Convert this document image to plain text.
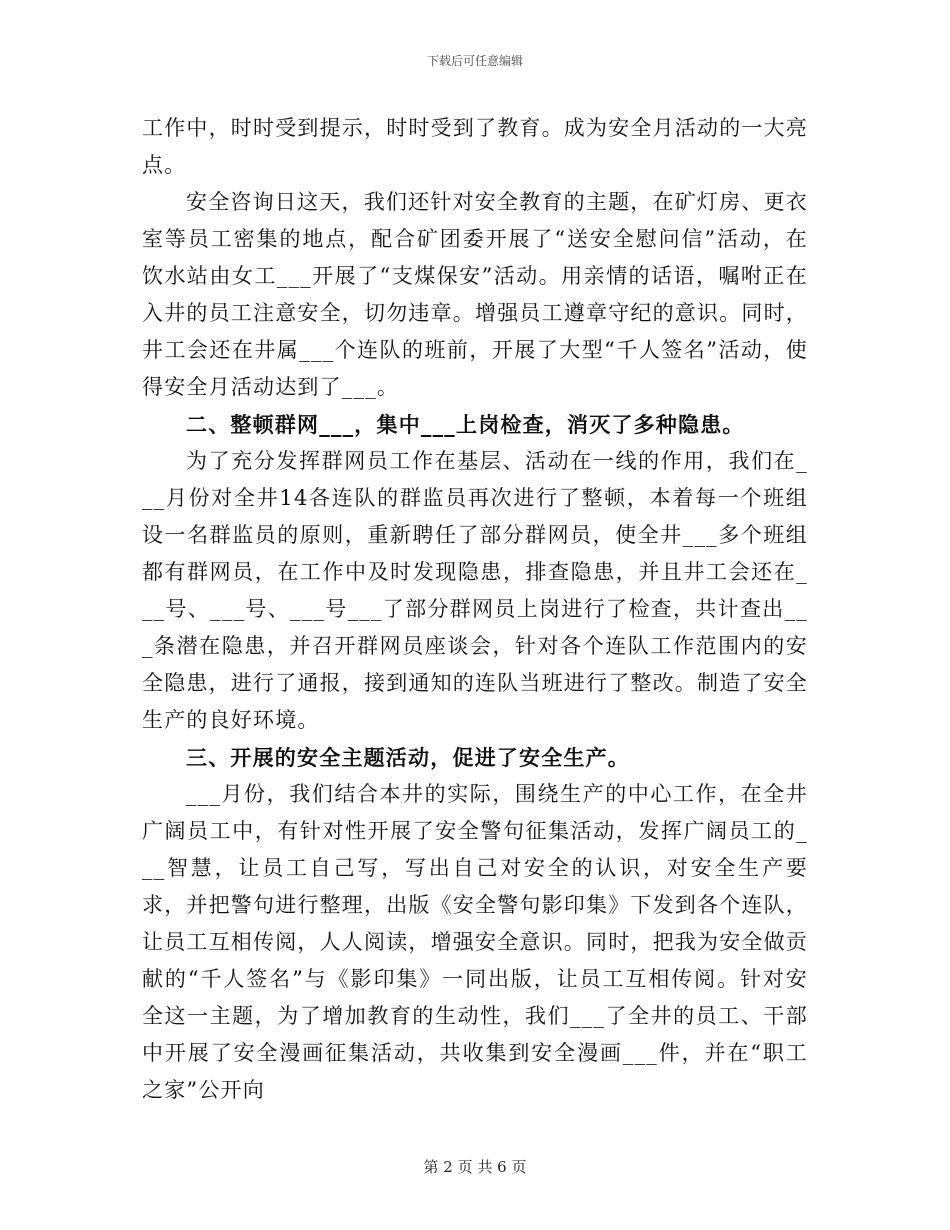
下载后可任意编辑

工作中，时时受到提示，时时受到了教育。成为安全月活动的一大亮点。

安全咨询日这天，我们还针对安全教育的主题，在矿灯房、更衣室等员工密集的地点，配合矿团委开展了“送安全慰问信”活动，在饮水站由女工___开展了“支煤保安”活动。用亲情的话语，嘱咐正在入井的员工注意安全，切勿违章。增强员工遵章守纪的意识。同时，井工会还在井属___个连队的班前，开展了大型“千人签名”活动，使得安全月活动达到了___。

二、整顿群网___，集中___上岗检查，消灭了多种隐患。

为了充分发挥群网员工作在基层、活动在一线的作用，我们在___月份对全井14各连队的群监员再次进行了整顿，本着每一个班组设一名群监员的原则，重新聘任了部分群网员，使全井___多个班组都有群网员，在工作中及时发现隐患，排查隐患，并且井工会还在___号、___号、___号___了部分群网员上岗进行了检查，共计查出___条潜在隐患，并召开群网员座谈会，针对各个连队工作范围内的安全隐患，进行了通报，接到通知的连队当班进行了整改。制造了安全生产的良好环境。

三、开展的安全主题活动，促进了安全生产。

___月份，我们结合本井的实际，围绕生产的中心工作，在全井广阔员工中，有针对性开展了安全警句征集活动，发挥广阔员工的___智慧，让员工自己写，写出自己对安全的认识，对安全生产要求，并把警句进行整理，出版《安全警句影印集》下发到各个连队，让员工互相传阅，人人阅读，增强安全意识。同时，把我为安全做贡献的“千人签名”与《影印集》一同出版，让员工互相传阅。针对安全这一主题，为了增加教育的生动性，我们___了全井的员工、干部中开展了安全漫画征集活动，共收集到安全漫画___件，并在“职工之家”公开向

第 2 页 共 6 页
